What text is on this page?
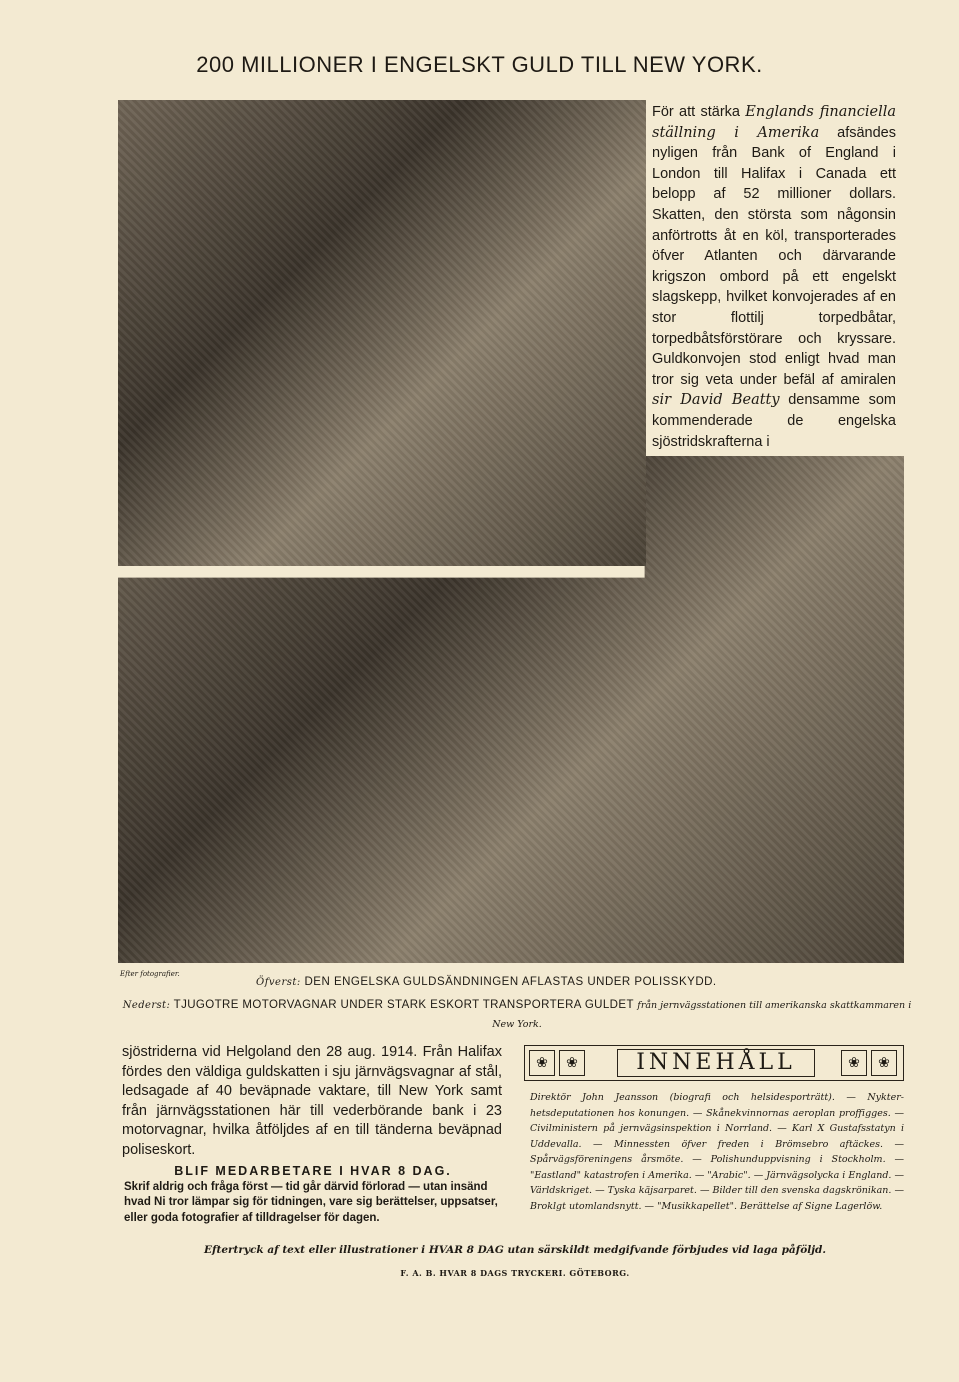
200 MILLIONER I ENGELSKT GULD TILL NEW YORK.
För att stärka Englands financiella ställning i Amerika afsändes nyligen från Bank of England i London till Halifax i Canada ett belopp af 52 millioner dollars. Skatten, den största som någonsin anförtrotts åt en köl, transporterades öfver Atlanten och därvarande krigszon ombord på ett engelskt slagskepp, hvilket konvojerades af en stor flottilj torpedbåtar, torpedbåtsförstörare och kryssare. Guldkonvojen stod enligt hvad man tror sig veta under befäl af amiralen sir David Beatty densamme som kommenderade de engelska sjöstridskrafterna i
Efter fotografier.
Öfverst: DEN ENGELSKA GULDSÄNDNINGEN AFLASTAS UNDER POLISSKYDD.
Nederst: TJUGOTRE MOTORVAGNAR UNDER STARK ESKORT TRANSPORTERA GULDET från jernvägsstationen till amerikanska skattkammaren i New York.
sjöstriderna vid Helgoland den 28 aug. 1914. Från Halifax fördes den väldiga guldskatten i sju järnvägsvagnar af stål, ledsagade af 40 beväpnade vaktare, till New York samt från järnvägsstationen här till vederbörande bank i 23 motorvagnar, hvilka åtföljdes af en till tänderna beväpnad poliseskort.
BLIF MEDARBETARE I HVAR 8 DAG.
Skrif aldrig och fråga först — tid går därvid förlorad — utan insänd hvad Ni tror lämpar sig för tidningen, vare sig berättelser, uppsatser, eller goda fotografier af tilldragelser för dagen.
❀	❀	INNEHÅLL	❀	❀
Direktör John Jeansson (biografi och helsidesporträtt). — Nykterhetsdeputationen hos konungen. — Skånekvinnornas aeroplan proffigges. — Civilministern på jernvägsinspektion i Norrland. — Karl X Gustafsstatyn i Uddevalla. — Minnessten öfver freden i Brömsebro aftäckes. — Spårvägsföreningens årsmöte. — Polishunduppvisning i Stockholm. — "Eastland" katastrofen i Amerika. — "Arabic". — Järnvägsolycka i England. — Världskriget. — Tyska käjsarparet. — Bilder till den svenska dagskrönikan. — Broklgt utomlandsnytt. — "Musikkapellet". Berättelse af Signe Lagerlöw.
Eftertryck af text eller illustrationer i HVAR 8 DAG utan särskildt medgifvande förbjudes vid laga påföljd.
F. A. B. HVAR 8 DAGS TRYCKERI. GÖTEBORG.
